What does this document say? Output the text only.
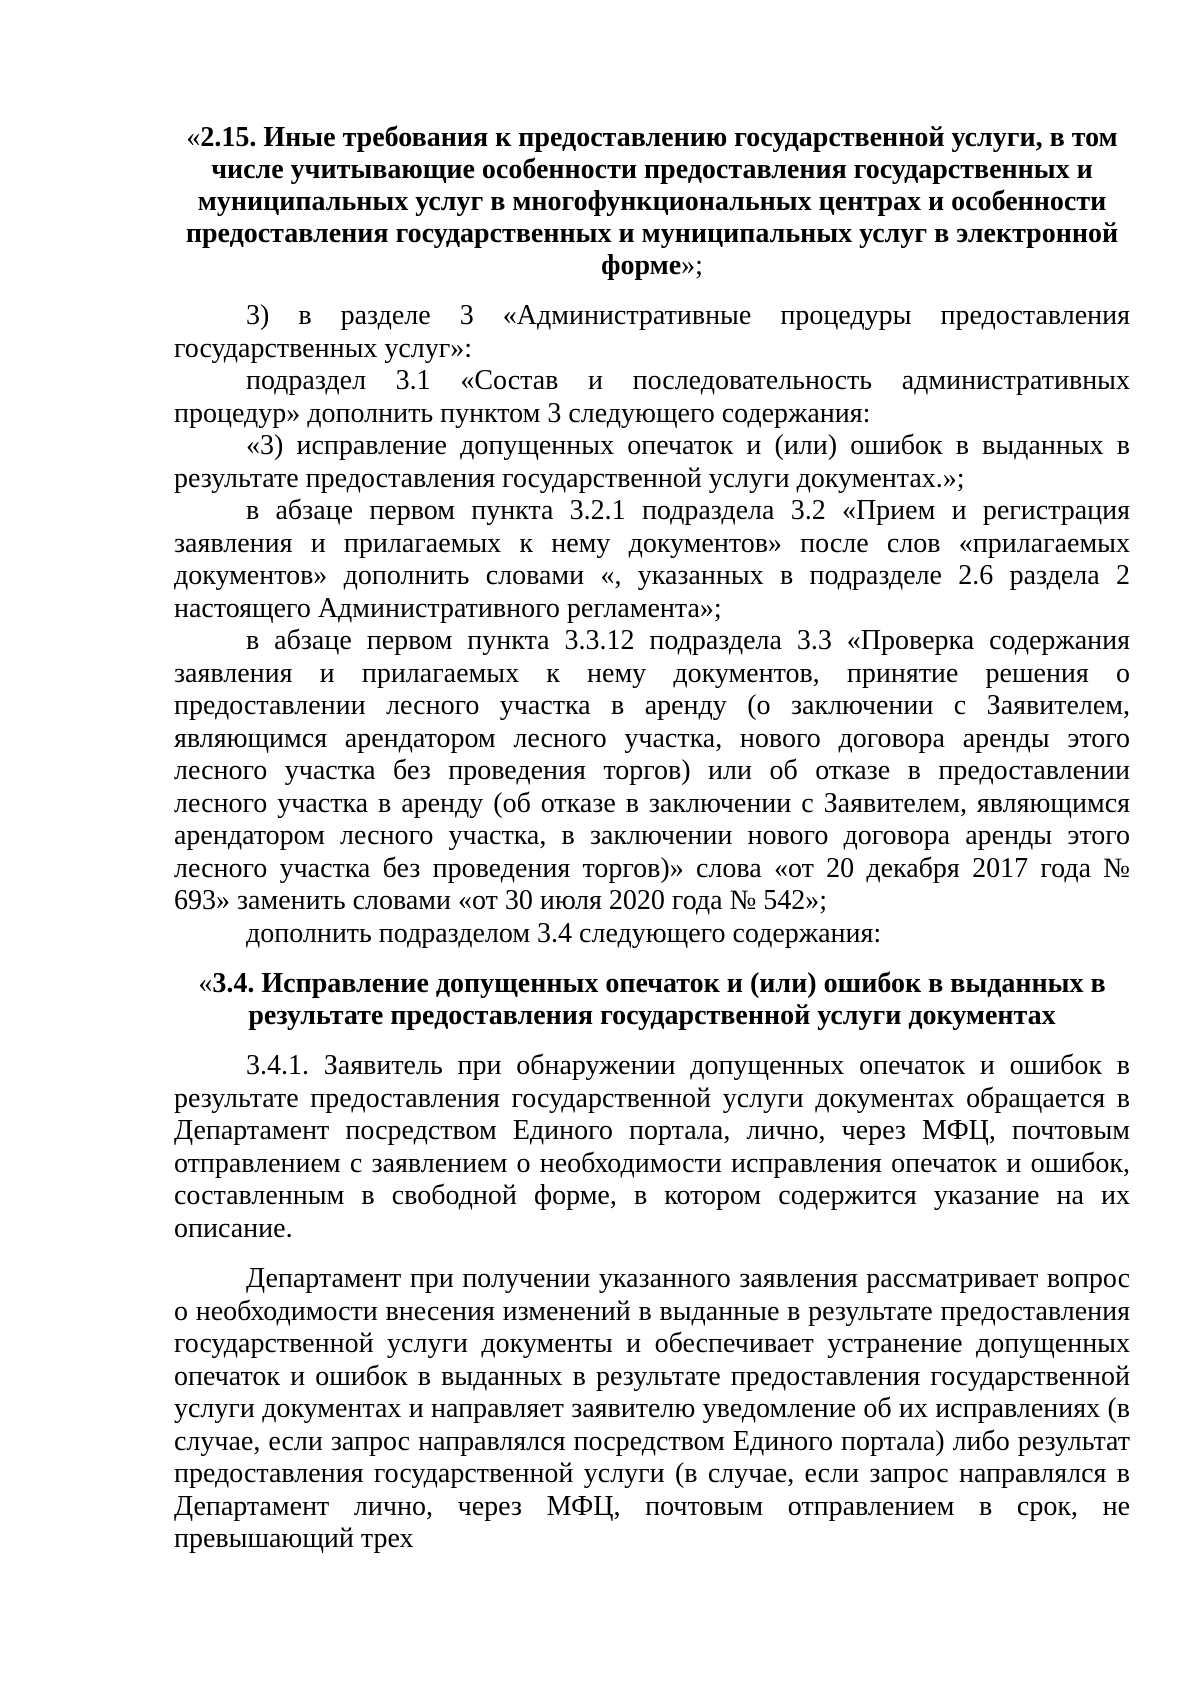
«2.15. Иные требования к предоставлению государственной услуги, в том числе учитывающие особенности предоставления государственных и муниципальных услуг в многофункциональных центрах и особенности предоставления государственных и муниципальных услуг в электронной форме»;

3) в разделе 3 «Административные процедуры предоставления государственных услуг»:

подраздел 3.1 «Состав и последовательность административных процедур» дополнить пунктом 3 следующего содержания:

«3) исправление допущенных опечаток и (или) ошибок в выданных в результате предоставления государственной услуги документах.»;

в абзаце первом пункта 3.2.1 подраздела 3.2 «Прием и регистрация заявления и прилагаемых к нему документов» после слов «прилагаемых документов» дополнить словами «, указанных в подразделе 2.6 раздела 2 настоящего Административного регламента»;

в абзаце первом пункта 3.3.12 подраздела 3.3 «Проверка содержания заявления и прилагаемых к нему документов, принятие решения о предоставлении лесного участка в аренду (о заключении с Заявителем, являющимся арендатором лесного участка, нового договора аренды этого лесного участка без проведения торгов) или об отказе в предоставлении лесного участка в аренду (об отказе в заключении с Заявителем, являющимся арендатором лесного участка, в заключении нового договора аренды этого лесного участка без проведения торгов)» слова «от 20 декабря 2017 года № 693» заменить словами «от 30 июля 2020 года № 542»;

дополнить подразделом 3.4 следующего содержания:

«3.4. Исправление допущенных опечаток и (или) ошибок в выданных в результате предоставления государственной услуги документах

3.4.1. Заявитель при обнаружении допущенных опечаток и ошибок в результате предоставления государственной услуги документах обращается в Департамент посредством Единого портала, лично, через МФЦ, почтовым отправлением с заявлением о необходимости исправления опечаток и ошибок, составленным в свободной форме, в котором содержится указание на их описание.

Департамент при получении указанного заявления рассматривает вопрос о необходимости внесения изменений в выданные в результате предоставления государственной услуги документы и обеспечивает устранение допущенных опечаток и ошибок в выданных в результате предоставления государственной услуги документах и направляет заявителю уведомление об их исправлениях (в случае, если запрос направлялся посредством Единого портала) либо результат предоставления государственной услуги (в случае, если запрос направлялся в Департамент лично, через МФЦ, почтовым отправлением в срок, не превышающий трех
